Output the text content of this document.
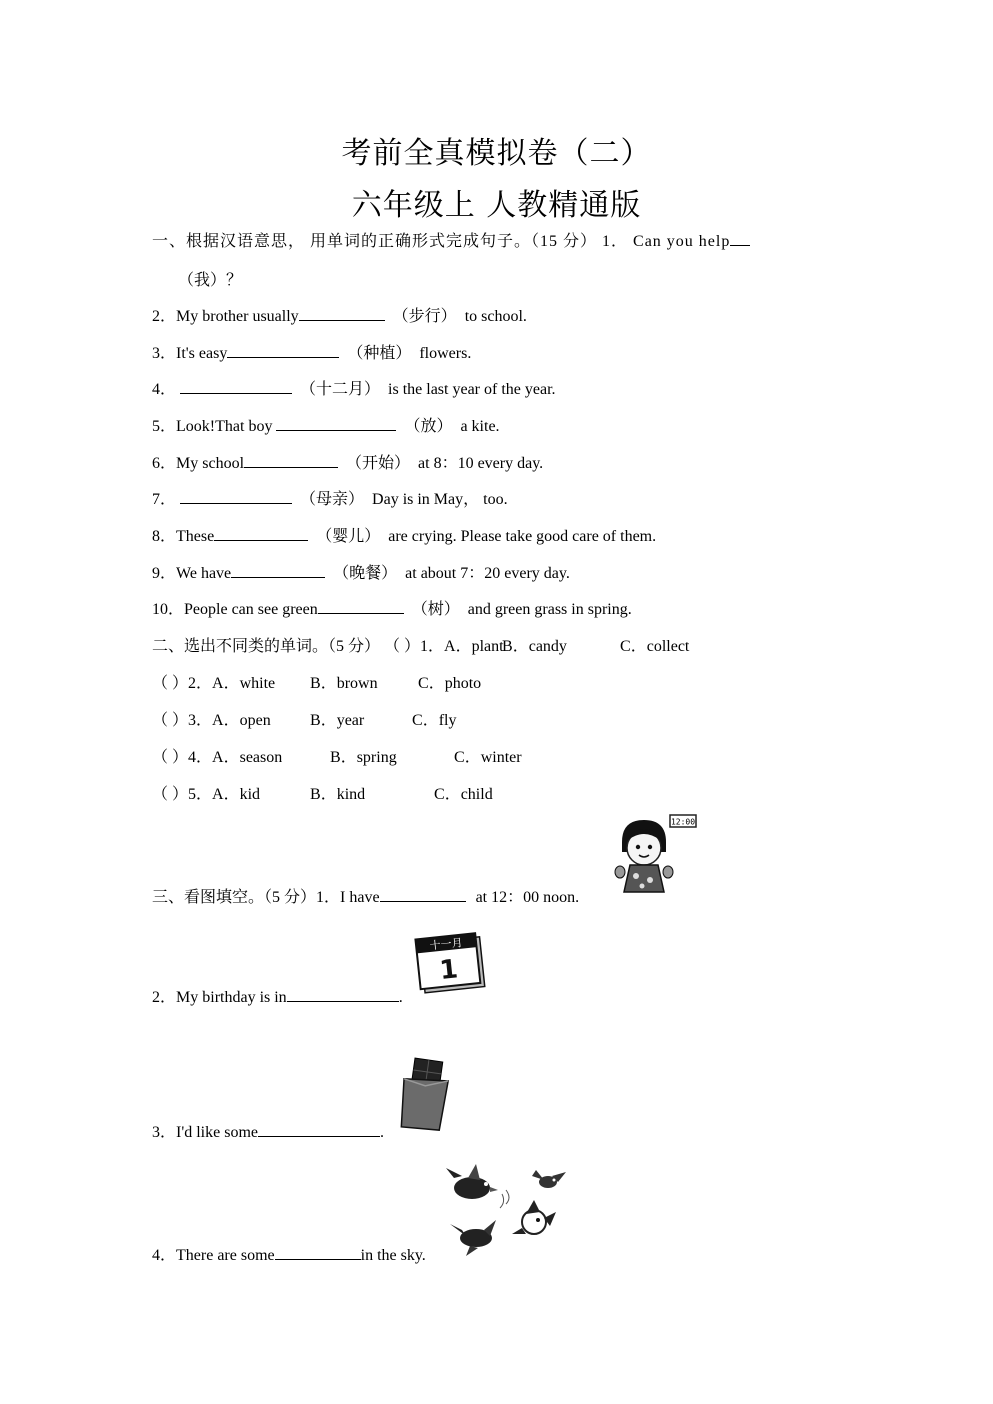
考前全真模拟卷（二）
六年级上 人教精通版
一、根据汉语意思， 用单词的正确形式完成句子。（15 分） 1． Can you help
（我）？
2．My brother usually	（步行） to school.
3．It's easy	（种植） flowers.
4．	（十二月） is the last year of the year.
5．Look!That boy	（放） a kite.
6．My school	（开始） at 8：10 every day.
7．	（母亲） Day is in May， too.
8．These	（婴儿） are crying. Please take good care of them.
9．We have	（晚餐） at about 7：20 every day.
10．People can see green	（树） and green grass in spring.
二、选出不同类的单词。（5 分） （ ）1．A．plantB．candy	C．collect
（ ）2．A．white B．brown	C．photo
（ ）3．A．open B．year	C．fly
（ ）4．A．season	B．spring	C．winter
（ ）5．A．kid	B．kind	C．child
三、看图填空。（5 分）1．I have	at 12：00 noon.
12:00
2．My birthday is in	.
十一月
1
3．I'd like some	.
4．There are some	in the sky.
